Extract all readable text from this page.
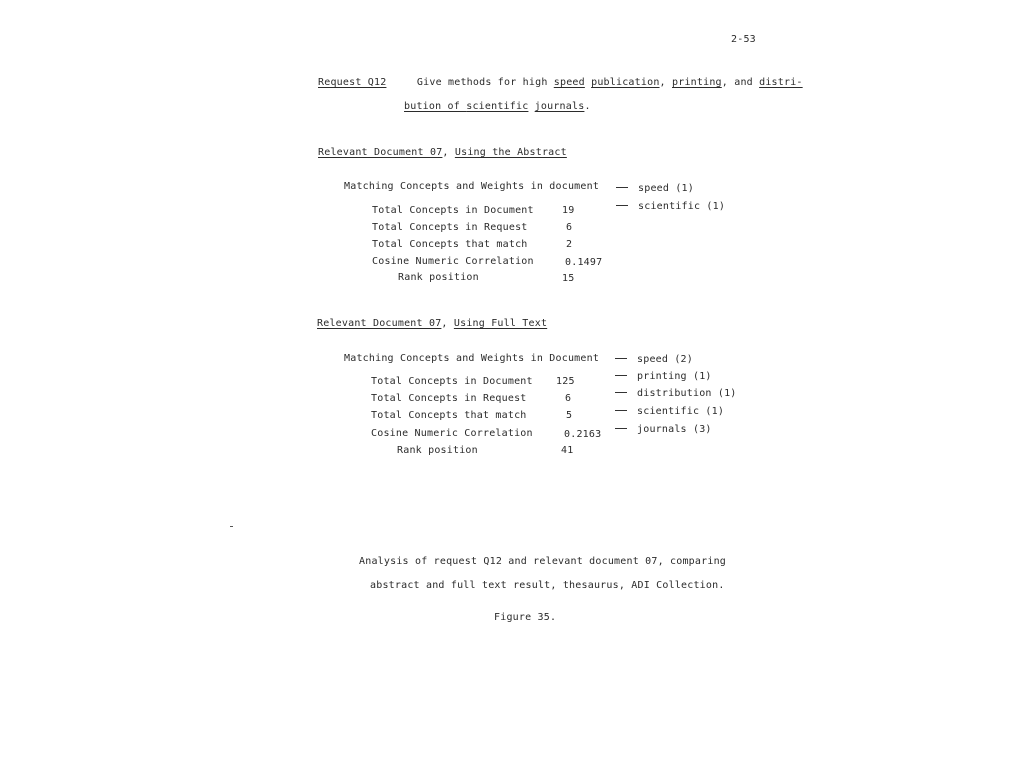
2-53
Request Q12	Give methods for high speed publication, printing, and distri-
bution of scientific journals.
Relevant Document 07, Using the Abstract
Matching Concepts and Weights in document
Total Concepts in Document	19
Total Concepts in Request	6
Total Concepts that match	2
Cosine Numeric Correlation	0.1497
Rank position	15
speed (1)
scientific (1)
Relevant Document 07, Using Full Text
Matching Concepts and Weights in Document
Total Concepts in Document 125
Total Concepts in Request	6
Total Concepts that match	5
Cosine Numeric Correlation	0.2163
Rank position	41
speed (2)
printing (1)
distribution (1)
scientific (1)
journals (3)
Analysis of request Q12 and relevant document 07, comparing
abstract and full text result, thesaurus, ADI Collection.
Figure 35.
